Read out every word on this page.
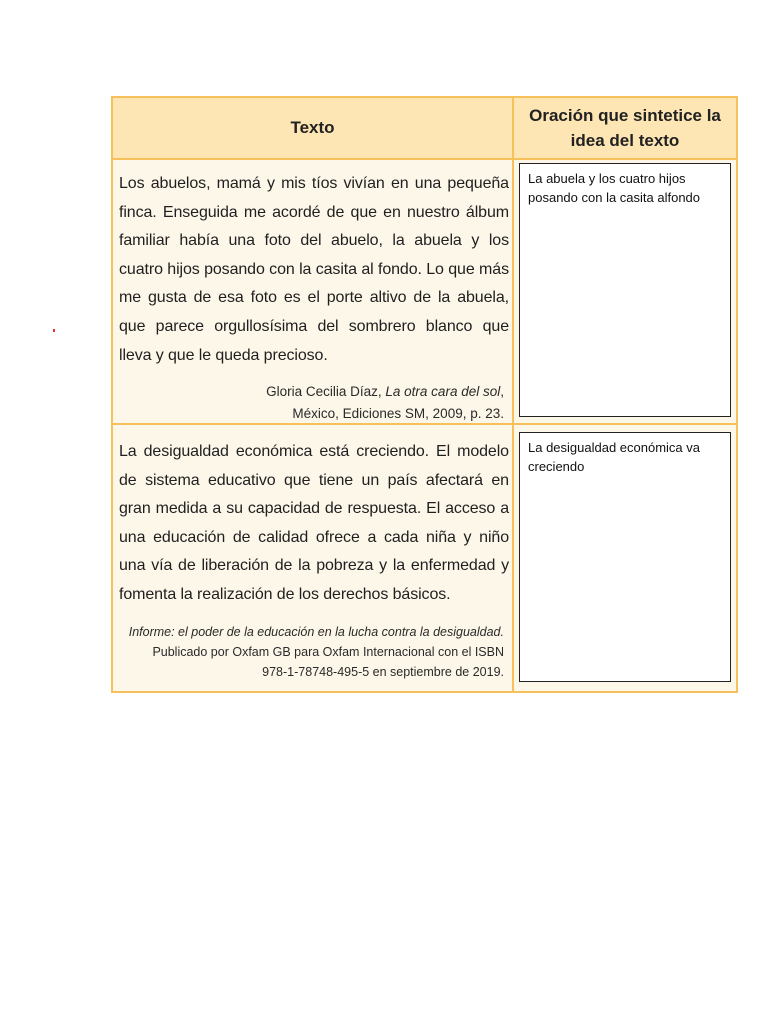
Texto
Oración que sintetice la
idea del texto
Los abuelos, mamá y mis tíos vivían en una pequeña finca. Enseguida me acordé de que en nuestro álbum familiar había una foto del abuelo, la abuela y los cuatro hijos posando con la casita al fondo. Lo que más me gusta de esa foto es el porte altivo de la abuela, que parece orgullosísima del sombrero blanco que lleva y que le queda precioso.
Gloria Cecilia Díaz, La otra cara del sol,
México, Ediciones SM, 2009, p. 23.
La abuela y los cuatro hijos posando con la casita alfondo
La desigualdad económica está creciendo. El modelo de sistema educativo que tiene un país afectará en gran medida a su capacidad de respuesta. El acceso a una educación de calidad ofrece a cada niña y niño una vía de liberación de la pobreza y la enfermedad y fomenta la realización de los derechos básicos.
Informe: el poder de la educación en la lucha contra la desigualdad.
Publicado por Oxfam GB para Oxfam Internacional con el ISBN
978-1-78748-495-5 en septiembre de 2019.
La desigualdad económica va creciendo
